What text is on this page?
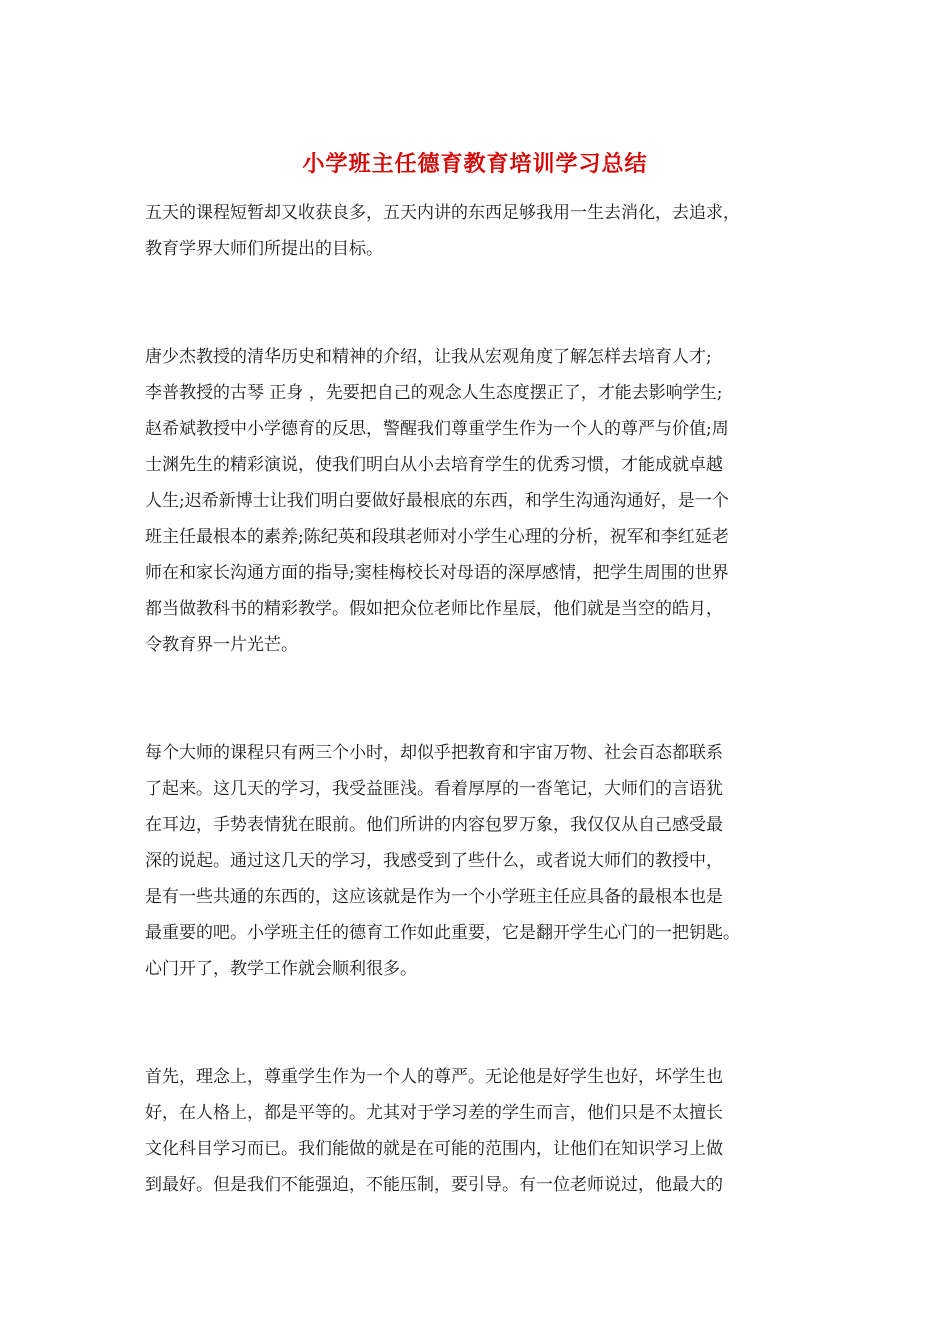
小学班主任德育教育培训学习总结
五天的课程短暂却又收获良多，五天内讲的东西足够我用一生去消化，去追求，
教育学界大师们所提出的目标。
唐少杰教授的清华历史和精神的介绍，让我从宏观角度了解怎样去培育人才;
李普教授的古琴 正身 ，先要把自己的观念人生态度摆正了，才能去影响学生;
赵希斌教授中小学德育的反思，警醒我们尊重学生作为一个人的尊严与价值;周
士渊先生的精彩演说，使我们明白从小去培育学生的优秀习惯，才能成就卓越
人生;迟希新博士让我们明白要做好最根底的东西，和学生沟通沟通好，是一个
班主任最根本的素养;陈纪英和段琪老师对小学生心理的分析，祝军和李红延老
师在和家长沟通方面的指导;窦桂梅校长对母语的深厚感情，把学生周围的世界
都当做教科书的精彩教学。假如把众位老师比作星辰，他们就是当空的皓月，
令教育界一片光芒。
每个大师的课程只有两三个小时，却似乎把教育和宇宙万物、社会百态都联系
了起来。这几天的学习，我受益匪浅。看着厚厚的一沓笔记，大师们的言语犹
在耳边，手势表情犹在眼前。他们所讲的内容包罗万象，我仅仅从自己感受最
深的说起。通过这几天的学习，我感受到了些什么，或者说大师们的教授中，
是有一些共通的东西的，这应该就是作为一个小学班主任应具备的最根本也是
最重要的吧。小学班主任的德育工作如此重要，它是翻开学生心门的一把钥匙。
心门开了，教学工作就会顺利很多。
首先，理念上，尊重学生作为一个人的尊严。无论他是好学生也好，坏学生也
好，在人格上，都是平等的。尤其对于学习差的学生而言，他们只是不太擅长
文化科目学习而已。我们能做的就是在可能的范围内，让他们在知识学习上做
到最好。但是我们不能强迫，不能压制，要引导。有一位老师说过，他最大的
